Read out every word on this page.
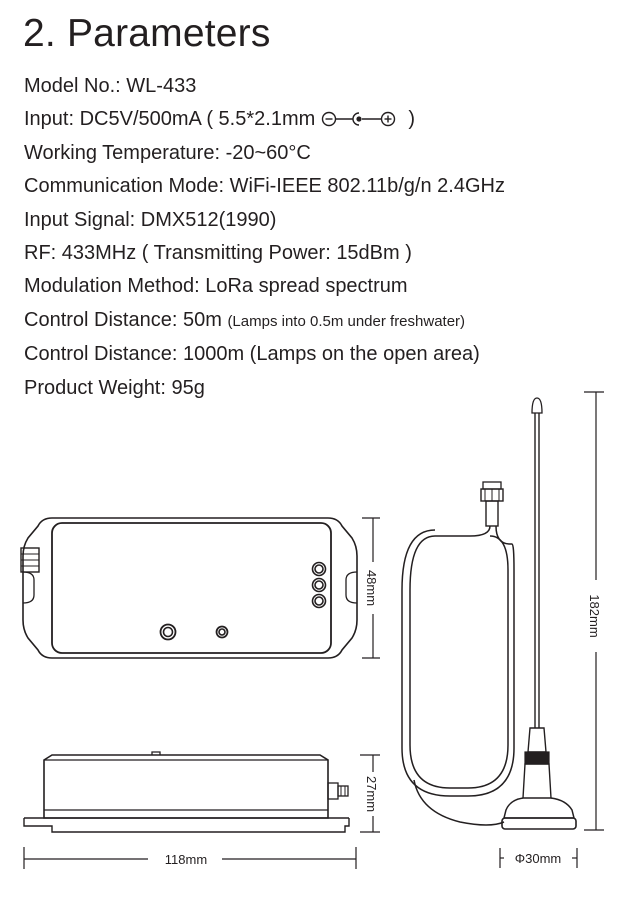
2. Parameters
Model No.: WL-433
Input: DC5V/500mA ( 5.5*2.1mm	)
Working Temperature: -20~60°C
Communication Mode: WiFi-IEEE 802.11b/g/n 2.4GHz
Input Signal: DMX512(1990)
RF: 433MHz ( Transmitting Power: 15dBm )
Modulation Method: LoRa spread spectrum
Control Distance: 50m (Lamps into 0.5m under freshwater)
Control Distance: 1000m (Lamps on the open area)
Product Weight: 95g
48mm
27mm
118mm
182mm
Φ30mm
